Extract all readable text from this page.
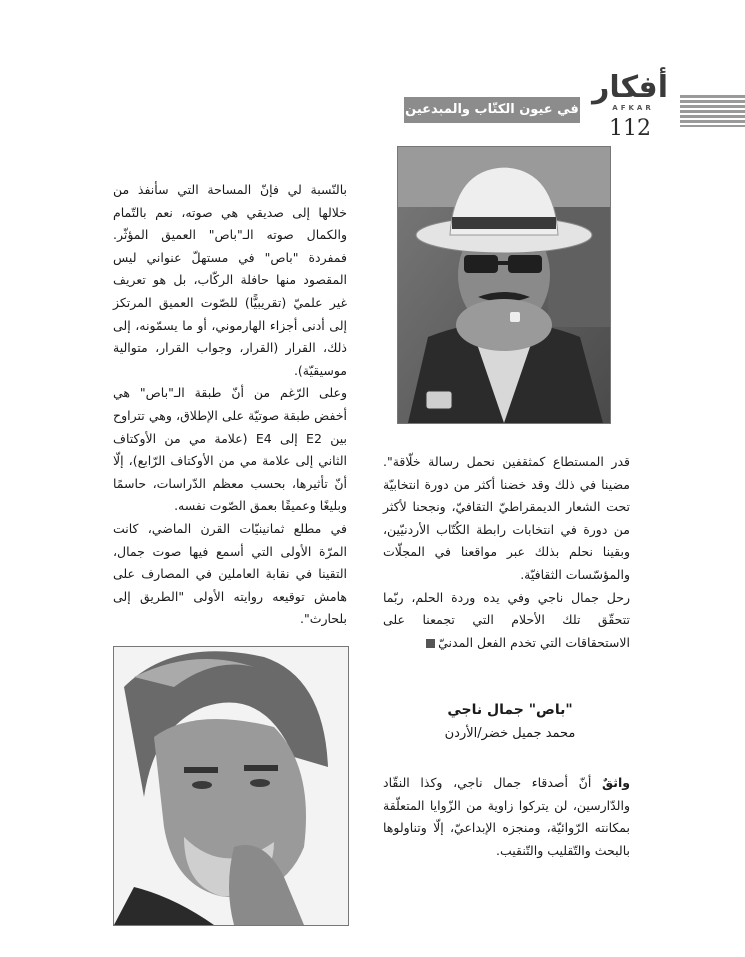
أفكار
AFKAR
في عيون الكتّاب والمبدعين
112

بالنّسبة لي فإنّ المساحة التي سأنفذ من خلالها إلى صديقي هي صوته، نعم بالتّمام والكمال صوته الـ"باص" العميق المؤثّر. فمفردة "باص" في مستهلّ عنواني ليس المقصود منها حافلة الركّاب، بل هو تعريف غير علميّ (تقريبيًّا) للصّوت العميق المرتكز إلى أدنى أجزاء الهارموني، أو ما يسمّونه، إلى ذلك، القرار (القرار، وجواب القرار، متوالية موسيقيّة).

وعلى الرّغم من أنّ طبقة الـ"باص" هي أخفض طبقة صوتيّة على الإطلاق، وهي تتراوح بين E2 إلى E4 (علامة مي من الأوكتاف الثاني إلى علامة مي من الأوكتاف الرّابع)، إلّا أنّ تأثيرها، بحسب معظم الدّراسات، حاسمًا وبليغًا وعميقًا بعمق الصّوت نفسه.

في مطلع ثمانينيّات القرن الماضي، كانت المرّة الأولى التي أسمع فيها صوت جمال، التقينا في نقابة العاملين في المصارف على هامش توقيعه روايته الأولى "الطريق إلى بلحارث".

قدر المستطاع كمثقفين نحمل رسالة خلّاقة". مضينا في ذلك وقد خضنا أكثر من دورة انتخابيّة تحت الشعار الديمقراطيّ التقافيّ، ونجحنا لأكثر من دورة في انتخابات رابطة الكُتّاب الأردنيّين، وبقينا نحلم بذلك عبر مواقعنا في المجلّات والمؤسّسات الثقافيّة.

رحل جمال ناجي وفي يده وردة الحلم، ربّما تتحقّق تلك الأحلام التي تجمعنا على الاستحقاقات التي تخدم الفعل المدنيّ

"باص" جمال ناجي
محمد جميل خضر/الأردن

واثقٌ أنّ أصدقاء جمال ناجي، وكذا النقّاد والدّارسين، لن يتركوا زاوية من الزّوايا المتعلّقة بمكانته الرّوائيّة، ومنجزه الإبداعيّ، إلّا وتناولوها بالبحث والتّقليب والتّنقيب.
